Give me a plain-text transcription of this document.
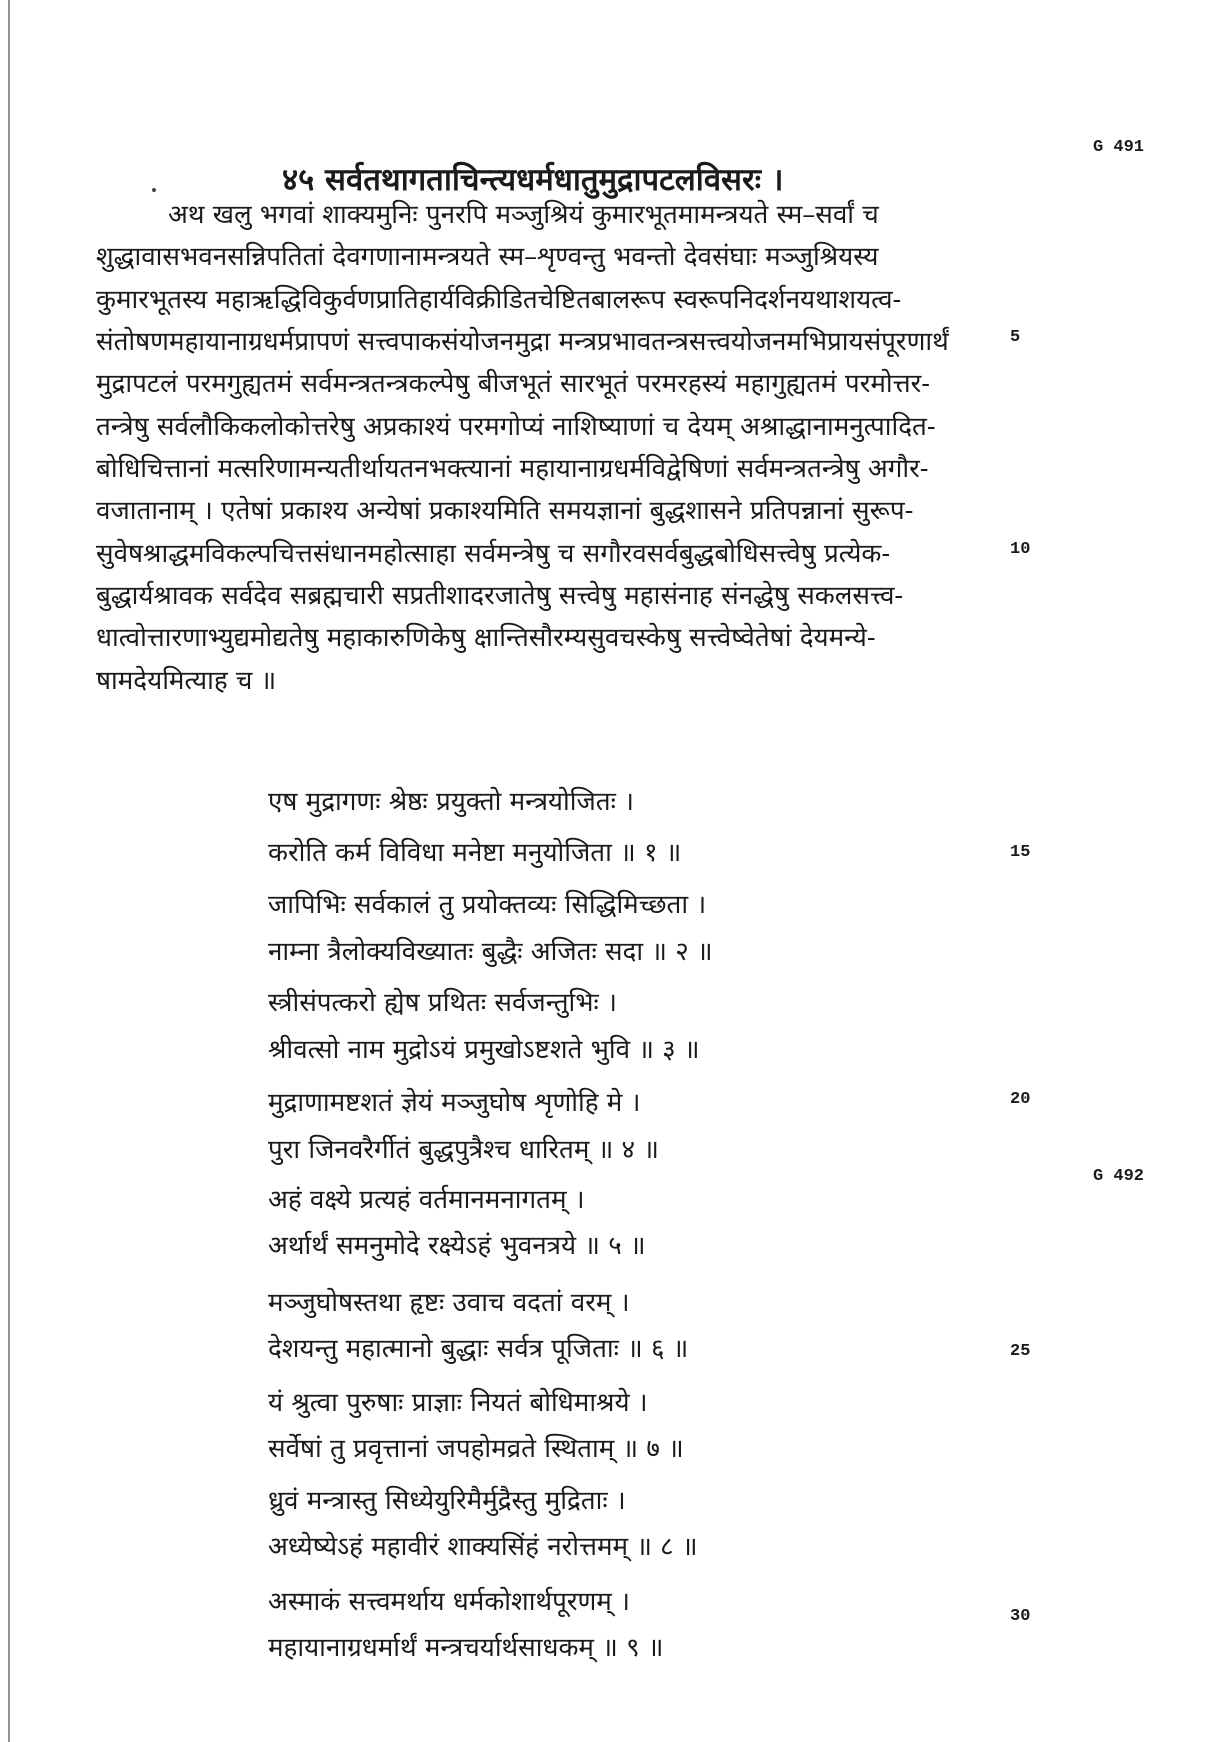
G 491
G 492
४५ सर्वतथागताचिन्त्यधर्मधातुमुद्रापटलविसरः ।
अथ खलु भगवां शाक्यमुनिः पुनरपि मञ्जुश्रियं कुमारभूतमामन्त्रयते स्म–सर्वां च
शुद्धावासभवनसन्निपतितां देवगणानामन्त्रयते स्म–शृण्वन्तु भवन्तो देवसंघाः मञ्जुश्रियस्य
कुमारभूतस्य महाऋद्धिविकुर्वणप्रातिहार्यविक्रीडितचेष्टितबालरूप स्वरूपनिदर्शनयथाशयत्व-
संतोषणमहायानाग्रधर्मप्रापणं सत्त्वपाकसंयोजनमुद्रा मन्त्रप्रभावतन्त्रसत्त्वयोजनमभिप्रायसंपूरणार्थं
मुद्रापटलं परमगुह्यतमं सर्वमन्त्रतन्त्रकल्पेषु बीजभूतं सारभूतं परमरहस्यं महागुह्यतमं परमोत्तर-
तन्त्रेषु सर्वलौकिकलोकोत्तरेषु अप्रकाश्यं परमगोप्यं नाशिष्याणां च देयम् अश्राद्धानामनुत्पादित-
बोधिचित्तानां मत्सरिणामन्यतीर्थायतनभक्त्यानां महायानाग्रधर्मविद्वेषिणां सर्वमन्त्रतन्त्रेषु अगौर-
वजातानाम् । एतेषां प्रकाश्य अन्येषां प्रकाश्यमिति समयज्ञानां बुद्धशासने प्रतिपन्नानां सुरूप-
सुवेषश्राद्धमविकल्पचित्तसंधानमहोत्साहा सर्वमन्त्रेषु च सगौरवसर्वबुद्धबोधिसत्त्वेषु प्रत्येक-
बुद्धार्यश्रावक सर्वदेव सब्रह्मचारी सप्रतीशादरजातेषु सत्त्वेषु महासंनाह संनद्धेषु सकलसत्त्व-
धात्वोत्तारणाभ्युद्यमोद्यतेषु महाकारुणिकेषु क्षान्तिसौरम्यसुवचस्केषु सत्त्वेष्वेतेषां देयमन्ये-
षामदेयमित्याह च ॥
5
10
15
20
25
30
एष मुद्रागणः श्रेष्ठः प्रयुक्तो मन्त्रयोजितः ।
करोति कर्म विविधा मनेष्टा मनुयोजिता ॥ १ ॥
जापिभिः सर्वकालं तु प्रयोक्तव्यः सिद्धिमिच्छता ।
नाम्ना त्रैलोक्यविख्यातः बुद्धैः अजितः सदा ॥ २ ॥
स्त्रीसंपत्करो ह्येष प्रथितः सर्वजन्तुभिः ।
श्रीवत्सो नाम मुद्रोऽयं प्रमुखोऽष्टशते भुवि ॥ ३ ॥
मुद्राणामष्टशतं ज्ञेयं मञ्जुघोष शृणोहि मे ।
पुरा जिनवरैर्गीतं बुद्धपुत्रैश्च धारितम् ॥ ४ ॥
अहं वक्ष्ये प्रत्यहं वर्तमानमनागतम् ।
अर्थार्थं समनुमोदे रक्ष्येऽहं भुवनत्रये ॥ ५ ॥
मञ्जुघोषस्तथा हृष्टः उवाच वदतां वरम् ।
देशयन्तु महात्मानो बुद्धाः सर्वत्र पूजिताः ॥ ६ ॥
यं श्रुत्वा पुरुषाः प्राज्ञाः नियतं बोधिमाश्रये ।
सर्वेषां तु प्रवृत्तानां जपहोमव्रते स्थिताम् ॥ ७ ॥
ध्रुवं मन्त्रास्तु सिध्येयुरिमैर्मुद्रैस्तु मुद्रिताः ।
अध्येष्येऽहं महावीरं शाक्यसिंहं नरोत्तमम् ॥ ८ ॥
अस्माकं सत्त्वमर्थाय धर्मकोशार्थपूरणम् ।
महायानाग्रधर्मार्थं मन्त्रचर्यार्थसाधकम् ॥ ९ ॥
